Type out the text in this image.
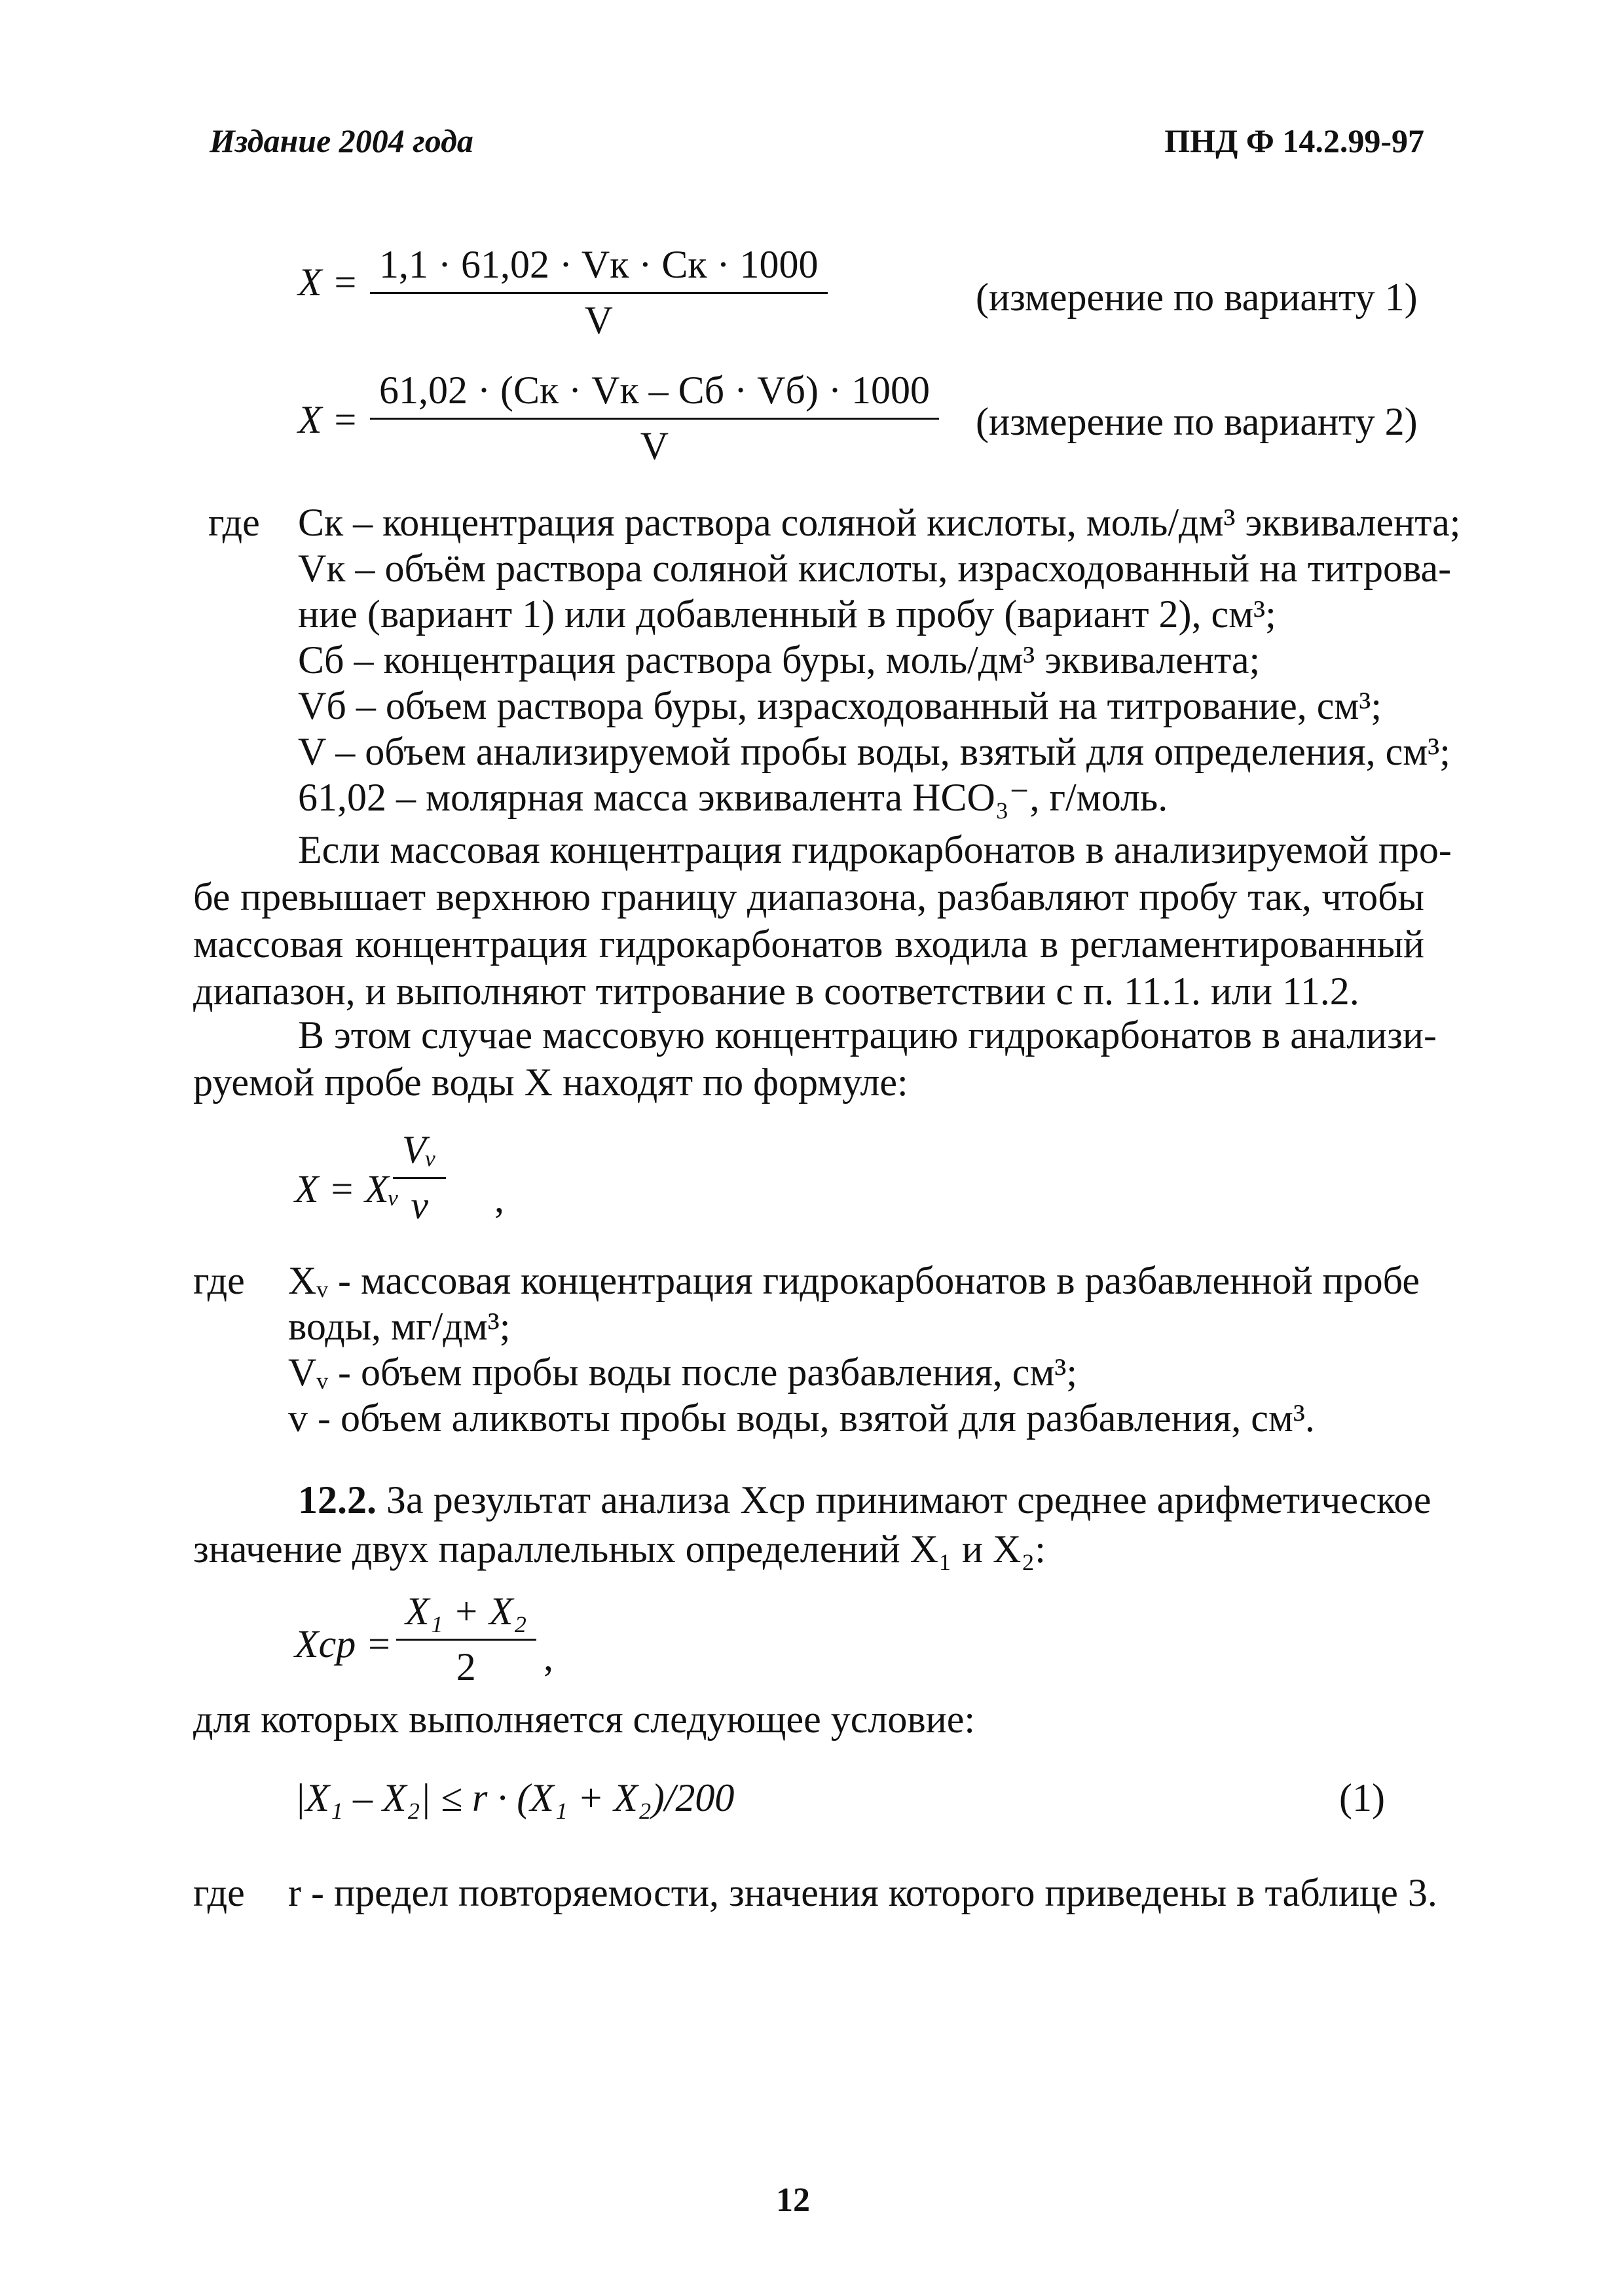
Издание 2004 года	ПНД Ф 14.2.99-97
X = 1,1 · 61,02 · Vк · Cк · 1000
V
(измерение по варианту 1)
X =
61,02 · (Cк · Vк – Cб · Vб) · 1000
V
(измерение по варианту 2)
где Cк – концентрация раствора соляной кислоты, моль/дм³ эквивалента;
Vк – объём раствора соляной кислоты, израсходованный на титрова-
ние (вариант 1) или добавленный в пробу (вариант 2), см³;
Cб – концентрация раствора буры, моль/дм³ эквивалента;
Vб – объем раствора буры, израсходованный на титрование, см³;
V – объем анализируемой пробы воды, взятый для определения, см³;
61,02 – молярная масса эквивалента HCO₃⁻, г/моль.
Если массовая концентрация гидрокарбонатов в анализируемой про-
бе превышает верхнюю границу диапазона, разбавляют пробу так, чтобы
массовая концентрация гидрокарбонатов входила в регламентированный
диапазон, и выполняют титрование в соответствии с п. 11.1. или 11.2.
В этом случае массовую концентрацию гидрокарбонатов в анализи-
руемой пробе воды X находят по формуле:
X = Xᵥ
Vᵥ
v	,
где Xᵥ - массовая концентрация гидрокарбонатов в разбавленной пробе
воды, мг/дм³;
Vᵥ - объем пробы воды после разбавления, см³;
v - объем аликвоты пробы воды, взятой для разбавления, см³.
12.2. За результат анализа Xср принимают среднее арифметическое
значение двух параллельных определений X₁ и X₂:
Xср =
X₁ + X₂
2	,
для которых выполняется следующее условие:
|X₁ – X₂| ≤ r · (X₁ + X₂)/200	(1)
где r - предел повторяемости, значения которого приведены в таблице 3.
12
